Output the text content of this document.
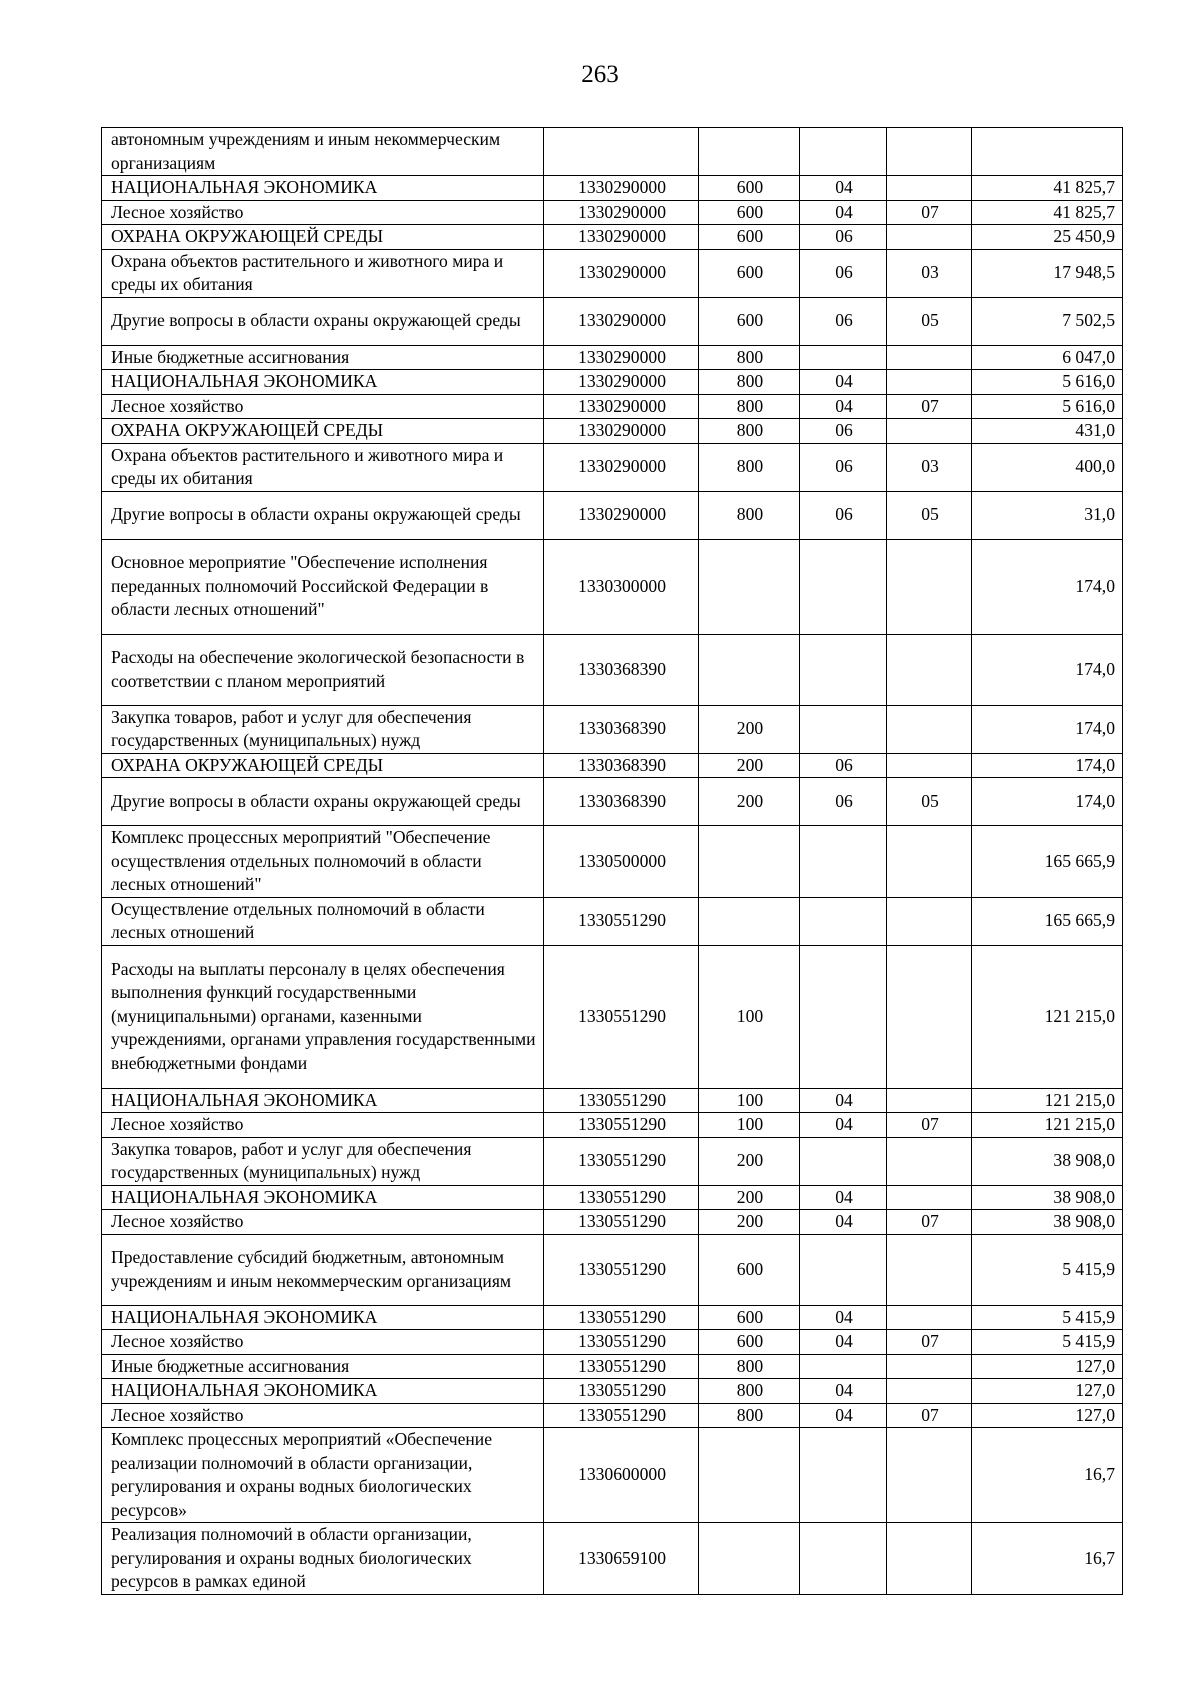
263
автономным учреждениям и иным некоммерческим организациям					
НАЦИОНАЛЬНАЯ ЭКОНОМИКА	1330290000	600	04		41 825,7
Лесное хозяйство	1330290000	600	04	07	41 825,7
ОХРАНА ОКРУЖАЮЩЕЙ СРЕДЫ	1330290000	600	06		25 450,9
Охрана объектов растительного и животного мира и среды их обитания	1330290000	600	06	03	17 948,5
Другие вопросы в области охраны окружающей среды	1330290000	600	06	05	7 502,5
Иные бюджетные ассигнования	1330290000	800			6 047,0
НАЦИОНАЛЬНАЯ ЭКОНОМИКА	1330290000	800	04		5 616,0
Лесное хозяйство	1330290000	800	04	07	5 616,0
ОХРАНА ОКРУЖАЮЩЕЙ СРЕДЫ	1330290000	800	06		431,0
Охрана объектов растительного и животного мира и среды их обитания	1330290000	800	06	03	400,0
Другие вопросы в области охраны окружающей среды	1330290000	800	06	05	31,0
Основное мероприятие "Обеспечение исполнения переданных полномочий Российской Федерации в области лесных отношений"	1330300000				174,0
Расходы на обеспечение экологической безопасности в соответствии с планом мероприятий	1330368390				174,0
Закупка товаров, работ и услуг для обеспечения государственных (муниципальных) нужд	1330368390	200			174,0
ОХРАНА ОКРУЖАЮЩЕЙ СРЕДЫ	1330368390	200	06		174,0
Другие вопросы в области охраны окружающей среды	1330368390	200	06	05	174,0
Комплекс процессных мероприятий "Обеспечение осуществления отдельных полномочий в области лесных отношений"	1330500000				165 665,9
Осуществление отдельных полномочий в области лесных отношений	1330551290				165 665,9
Расходы на выплаты персоналу в целях обеспечения выполнения функций государственными (муниципальными) органами, казенными учреждениями, органами управления государственными внебюджетными фондами	1330551290	100			121 215,0
НАЦИОНАЛЬНАЯ ЭКОНОМИКА	1330551290	100	04		121 215,0
Лесное хозяйство	1330551290	100	04	07	121 215,0
Закупка товаров, работ и услуг для обеспечения государственных (муниципальных) нужд	1330551290	200			38 908,0
НАЦИОНАЛЬНАЯ ЭКОНОМИКА	1330551290	200	04		38 908,0
Лесное хозяйство	1330551290	200	04	07	38 908,0
Предоставление субсидий бюджетным, автономным учреждениям и иным некоммерческим организациям	1330551290	600			5 415,9
НАЦИОНАЛЬНАЯ ЭКОНОМИКА	1330551290	600	04		5 415,9
Лесное хозяйство	1330551290	600	04	07	5 415,9
Иные бюджетные ассигнования	1330551290	800			127,0
НАЦИОНАЛЬНАЯ ЭКОНОМИКА	1330551290	800	04		127,0
Лесное хозяйство	1330551290	800	04	07	127,0
Комплекс процессных мероприятий «Обеспечение реализации полномочий в области организации, регулирования и охраны водных биологических ресурсов»	1330600000				16,7
Реализация полномочий в области организации, регулирования и охраны водных биологических ресурсов в рамках единой	1330659100				16,7
